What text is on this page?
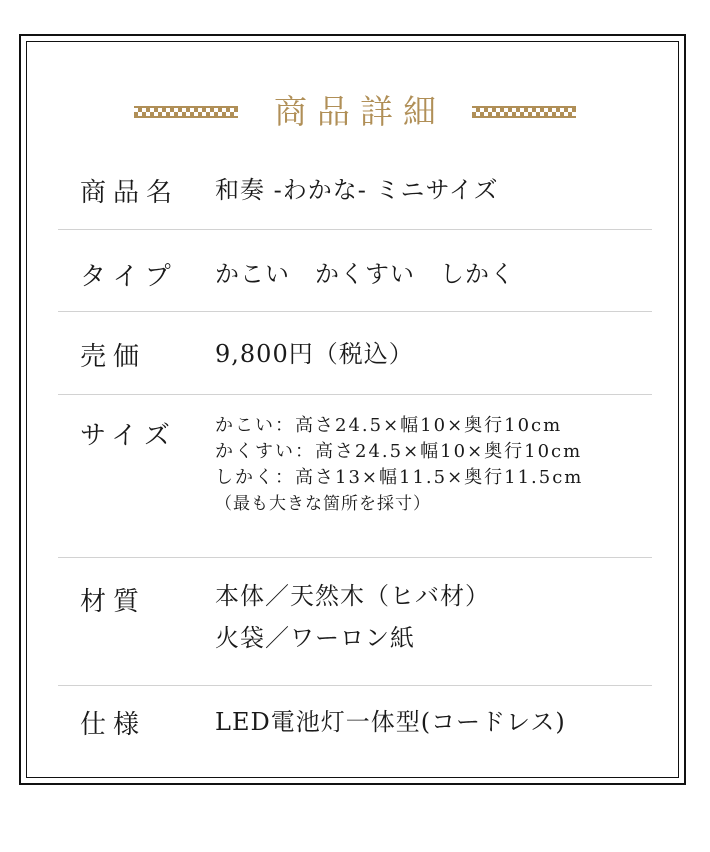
商品詳細
商品名 和奏 -わかな- ミニサイズ
タイプ かこい　かくすい　しかく
売価	9,800円（税込）
サイズ かこい：高さ24.5×幅10×奥行10cm
かくすい：高さ24.5×幅10×奥行10cm
しかく：高さ13×幅11.5×奥行11.5cm
（最も大きな箇所を採寸）
材質	本体／天然木（ヒバ材）
火袋／ワーロン紙
仕様	LED電池灯一体型(コードレス)
